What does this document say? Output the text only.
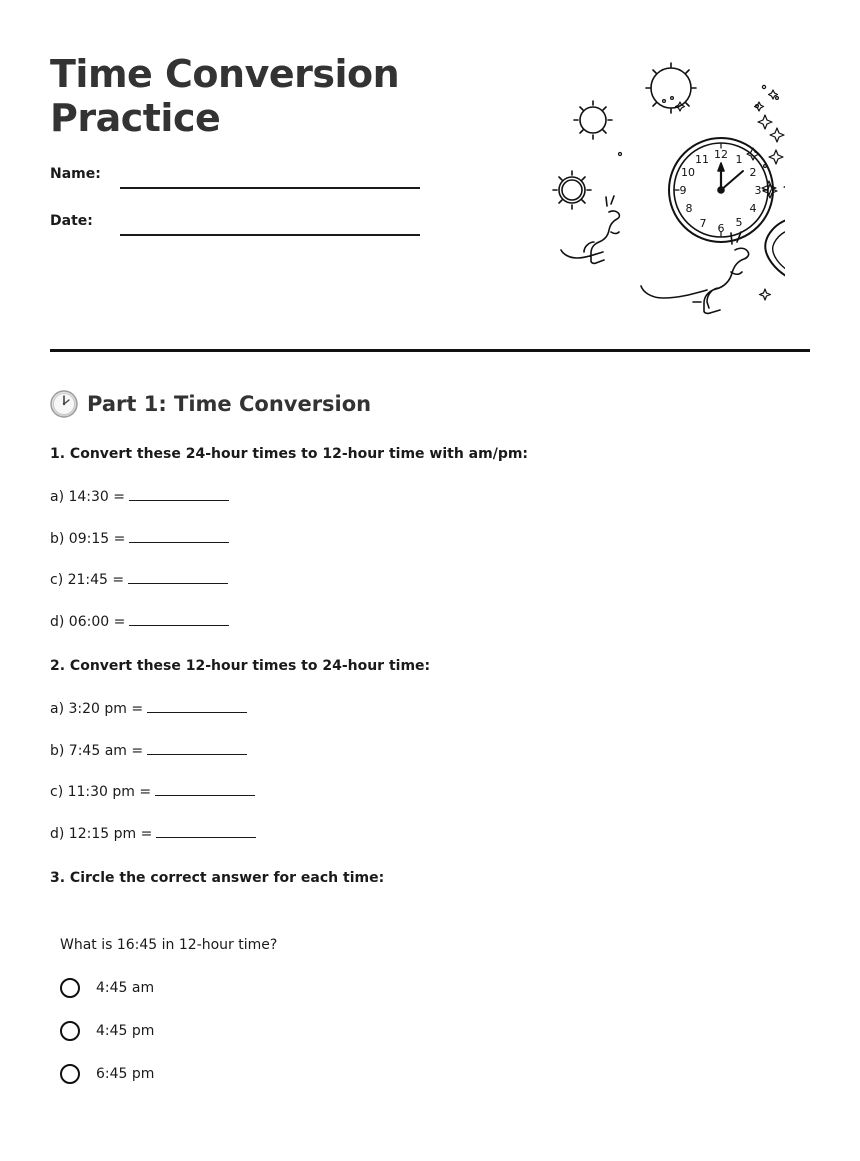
Time Conversion Practice
Name:
Date:
12 1
2
3
4
5
6
7
8
9
10
11
Part 1: Time Conversion
1. Convert these 24-hour times to 12-hour time with am/pm:
a) 14:30 =
b) 09:15 =
c) 21:45 =
d) 06:00 =
2. Convert these 12-hour times to 24-hour time:
a) 3:20 pm =
b) 7:45 am =
c) 11:30 pm =
d) 12:15 pm =
3. Circle the correct answer for each time:
What is 16:45 in 12-hour time?
4:45 am
4:45 pm
6:45 pm
